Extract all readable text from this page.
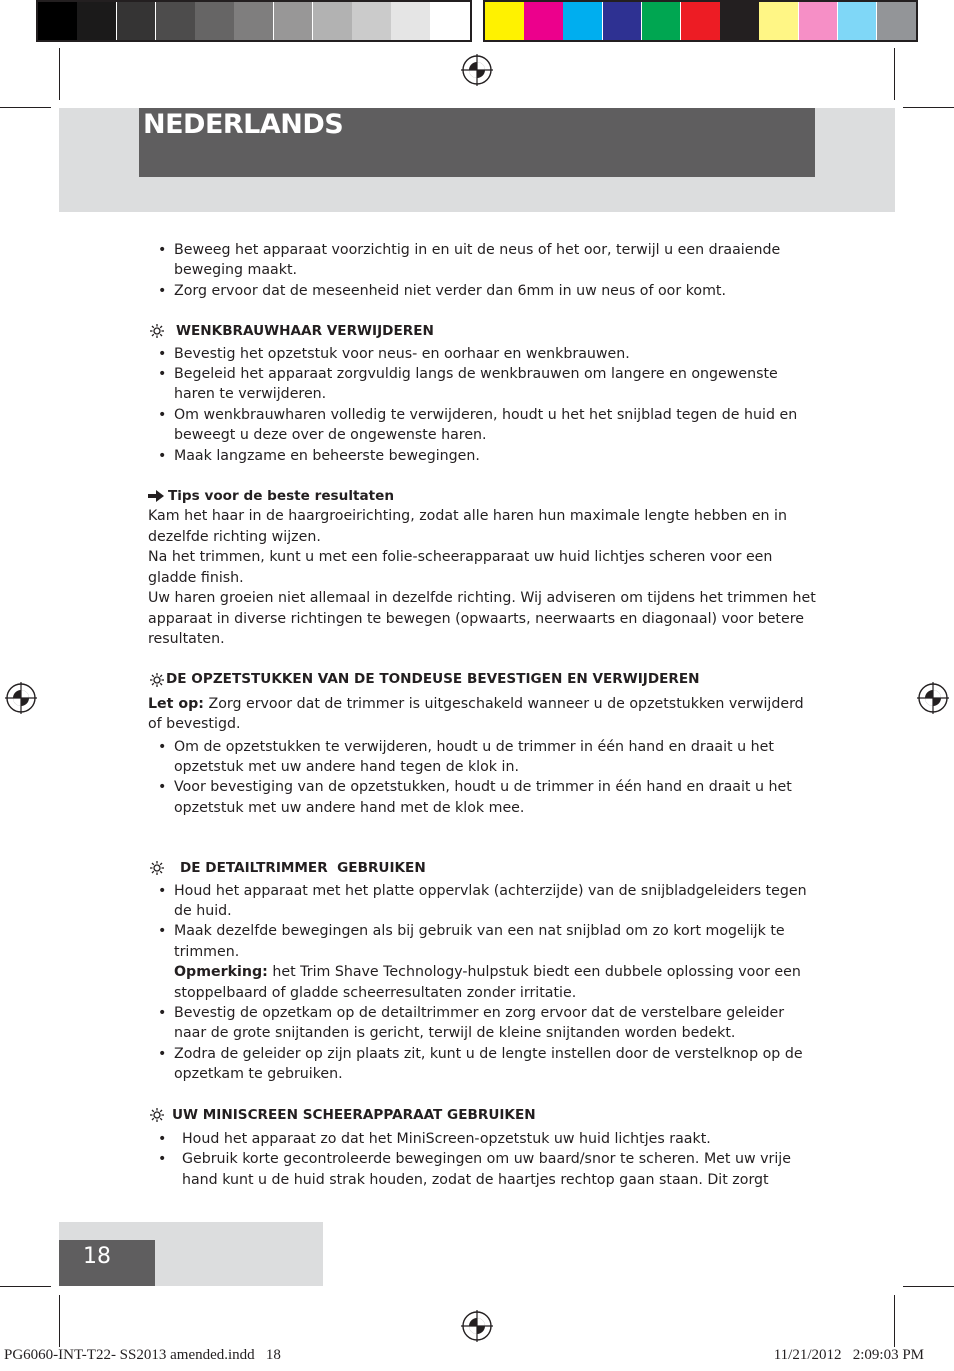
NEDERLANDS
• Beweeg het apparaat voorzichtig in en uit de neus of het oor, terwijl u een draaiende beweging maakt.
• Zorg ervoor dat de meseenheid niet verder dan 6mm in uw neus of oor komt.
WENKBRAUWHAAR VERWIJDEREN
• Bevestig het opzetstuk voor neus- en oorhaar en wenkbrauwen.
• Begeleid het apparaat zorgvuldig langs de wenkbrauwen om langere en ongewenste haren te verwijderen.
• Om wenkbrauwharen volledig te verwijderen, houdt u het het snijblad tegen de huid en beweegt u deze over de ongewenste haren.
• Maak langzame en beheerste bewegingen.
Tips voor de beste resultaten

Kam het haar in de haargroeirichting, zodat alle haren hun maximale lengte hebben en in dezelfde richting wijzen.

Na het trimmen, kunt u met een folie-scheerapparaat uw huid lichtjes scheren voor een gladde finish.

Uw haren groeien niet allemaal in dezelfde richting. Wij adviseren om tijdens het trimmen het apparaat in diverse richtingen te bewegen (opwaarts, neerwaarts en diagonaal) voor betere resultaten.

DE OPZETSTUKKEN VAN DE TONDEUSE BEVESTIGEN EN VERWIJDEREN

Let op: Zorg ervoor dat de trimmer is uitgeschakeld wanneer u de opzetstukken verwijderd of bevestigd.

• Om de opzetstukken te verwijderen, houdt u de trimmer in één hand en draait u het opzetstuk met uw andere hand tegen de klok in.
• Voor bevestiging van de opzetstukken, houdt u de trimmer in één hand en draait u het opzetstuk met uw andere hand met de klok mee.
DE DETAILTRIMMER  GEBRUIKEN
• Houd het apparaat met het platte oppervlak (achterzijde) van de snijbladgeleiders tegen de huid.
• Maak dezelfde bewegingen als bij gebruik van een nat snijblad om zo kort mogelijk te trimmen.

Opmerking: het Trim Shave Technology-hulpstuk biedt een dubbele oplossing voor een stoppelbaard of gladde scheerresultaten zonder irritatie.

• Bevestig de opzetkam op de detailtrimmer en zorg ervoor dat de verstelbare geleider naar de grote snijtanden is gericht, terwijl de kleine snijtanden worden bedekt.
• Zodra de geleider op zijn plaats zit, kunt u de lengte instellen door de verstelknop op de opzetkam te gebruiken.
UW MINISCREEN SCHEERAPPARAAT GEBRUIKEN
• Houd het apparaat zo dat het MiniScreen-opzetstuk uw huid lichtjes raakt.
• Gebruik korte gecontroleerde bewegingen om uw baard/snor te scheren. Met uw vrije hand kunt u de huid strak houden, zodat de haartjes rechtop gaan staan. Dit zorgt
18
PG6060-INT-T22- SS2013 amended.indd   18	11/21/2012   2:09:03 PM
